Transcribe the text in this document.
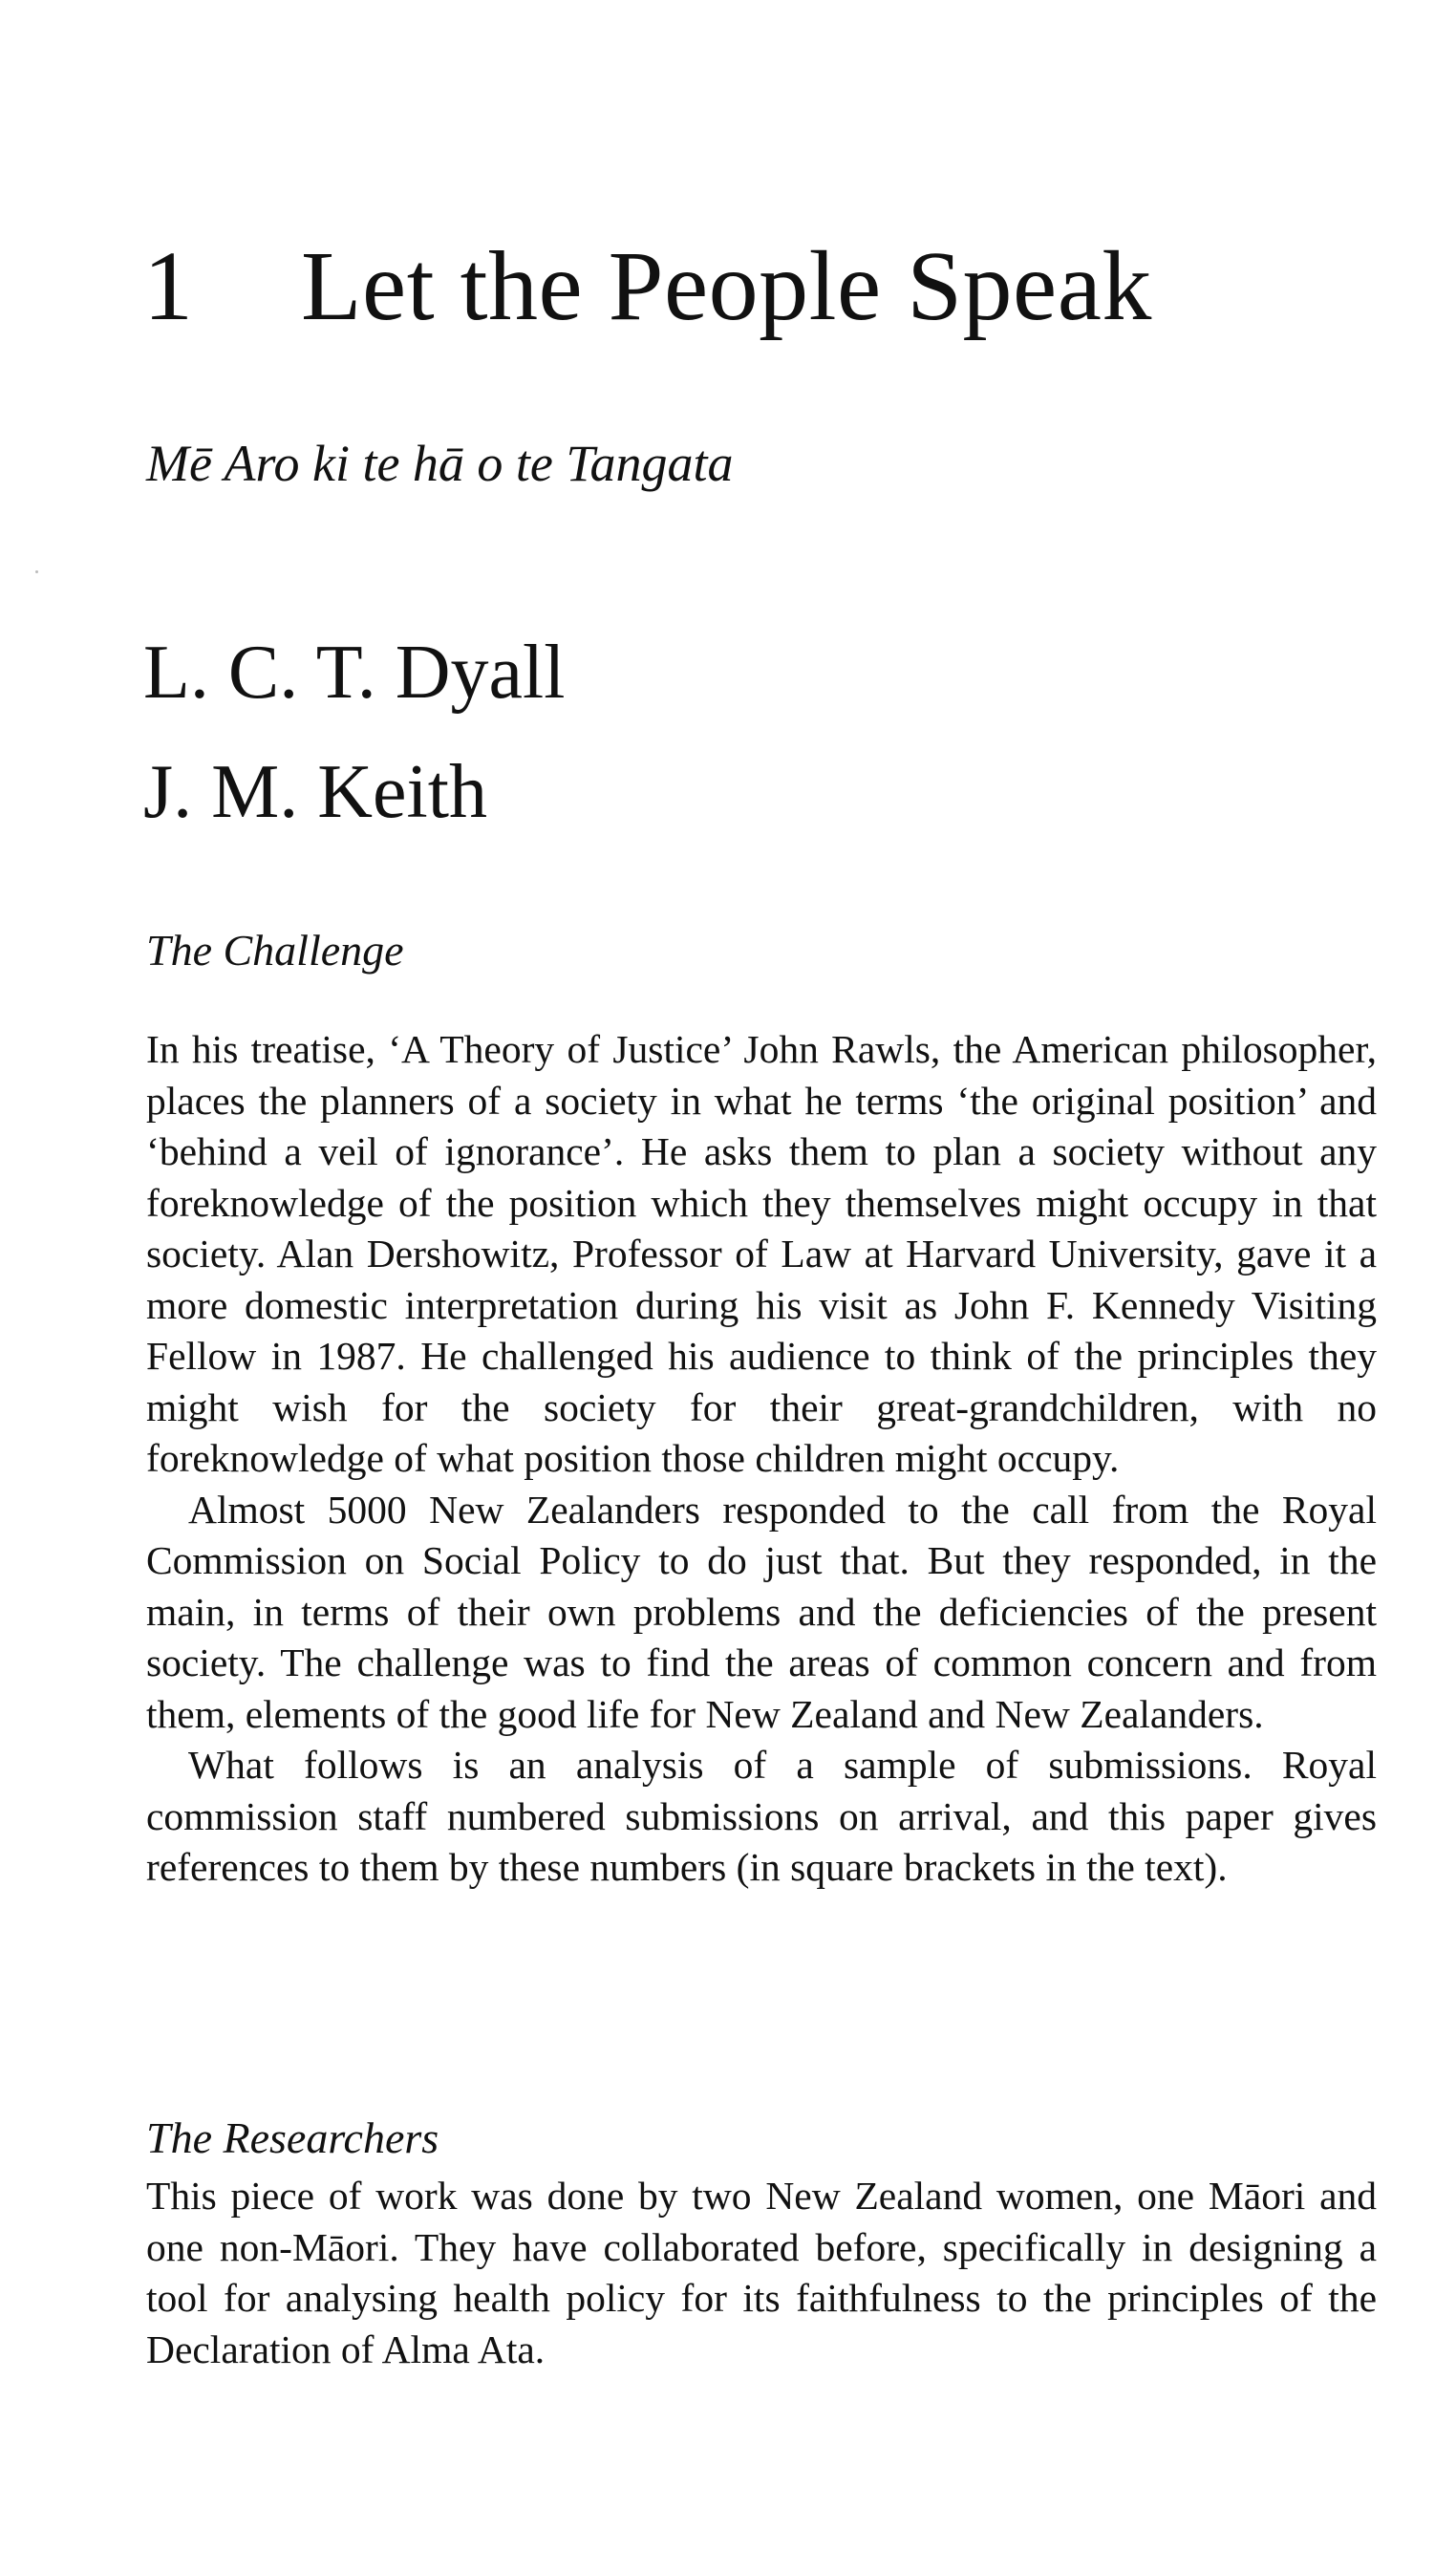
1 Let the People Speak

Mē Aro ki te hā o te Tangata

L. C. T. Dyall
J. M. Keith
The Challenge

In his treatise, ‘A Theory of Justice’ John Rawls, the American philosopher, places the planners of a society in what he terms ‘the original position’ and ‘behind a veil of ignorance’. He asks them to plan a society without any foreknowledge of the position which they themselves might occupy in that society. Alan Dershowitz, Professor of Law at Harvard University, gave it a more domestic interpretation during his visit as John F. Kennedy Visiting Fellow in 1987. He challenged his audience to think of the principles they might wish for the society for their great-grandchildren, with no foreknowledge of what position those children might occupy.

Almost 5000 New Zealanders responded to the call from the Royal Commission on Social Policy to do just that. But they responded, in the main, in terms of their own problems and the deficiencies of the present society. The challenge was to find the areas of common concern and from them, elements of the good life for New Zealand and New Zealanders.

What follows is an analysis of a sample of submissions. Royal commission staff numbered submissions on arrival, and this paper gives references to them by these numbers (in square brackets in the text).

The Researchers

This piece of work was done by two New Zealand women, one Māori and one non-Māori. They have collaborated before, specifically in designing a tool for analysing health policy for its faithfulness to the principles of the Declaration of Alma Ata.
